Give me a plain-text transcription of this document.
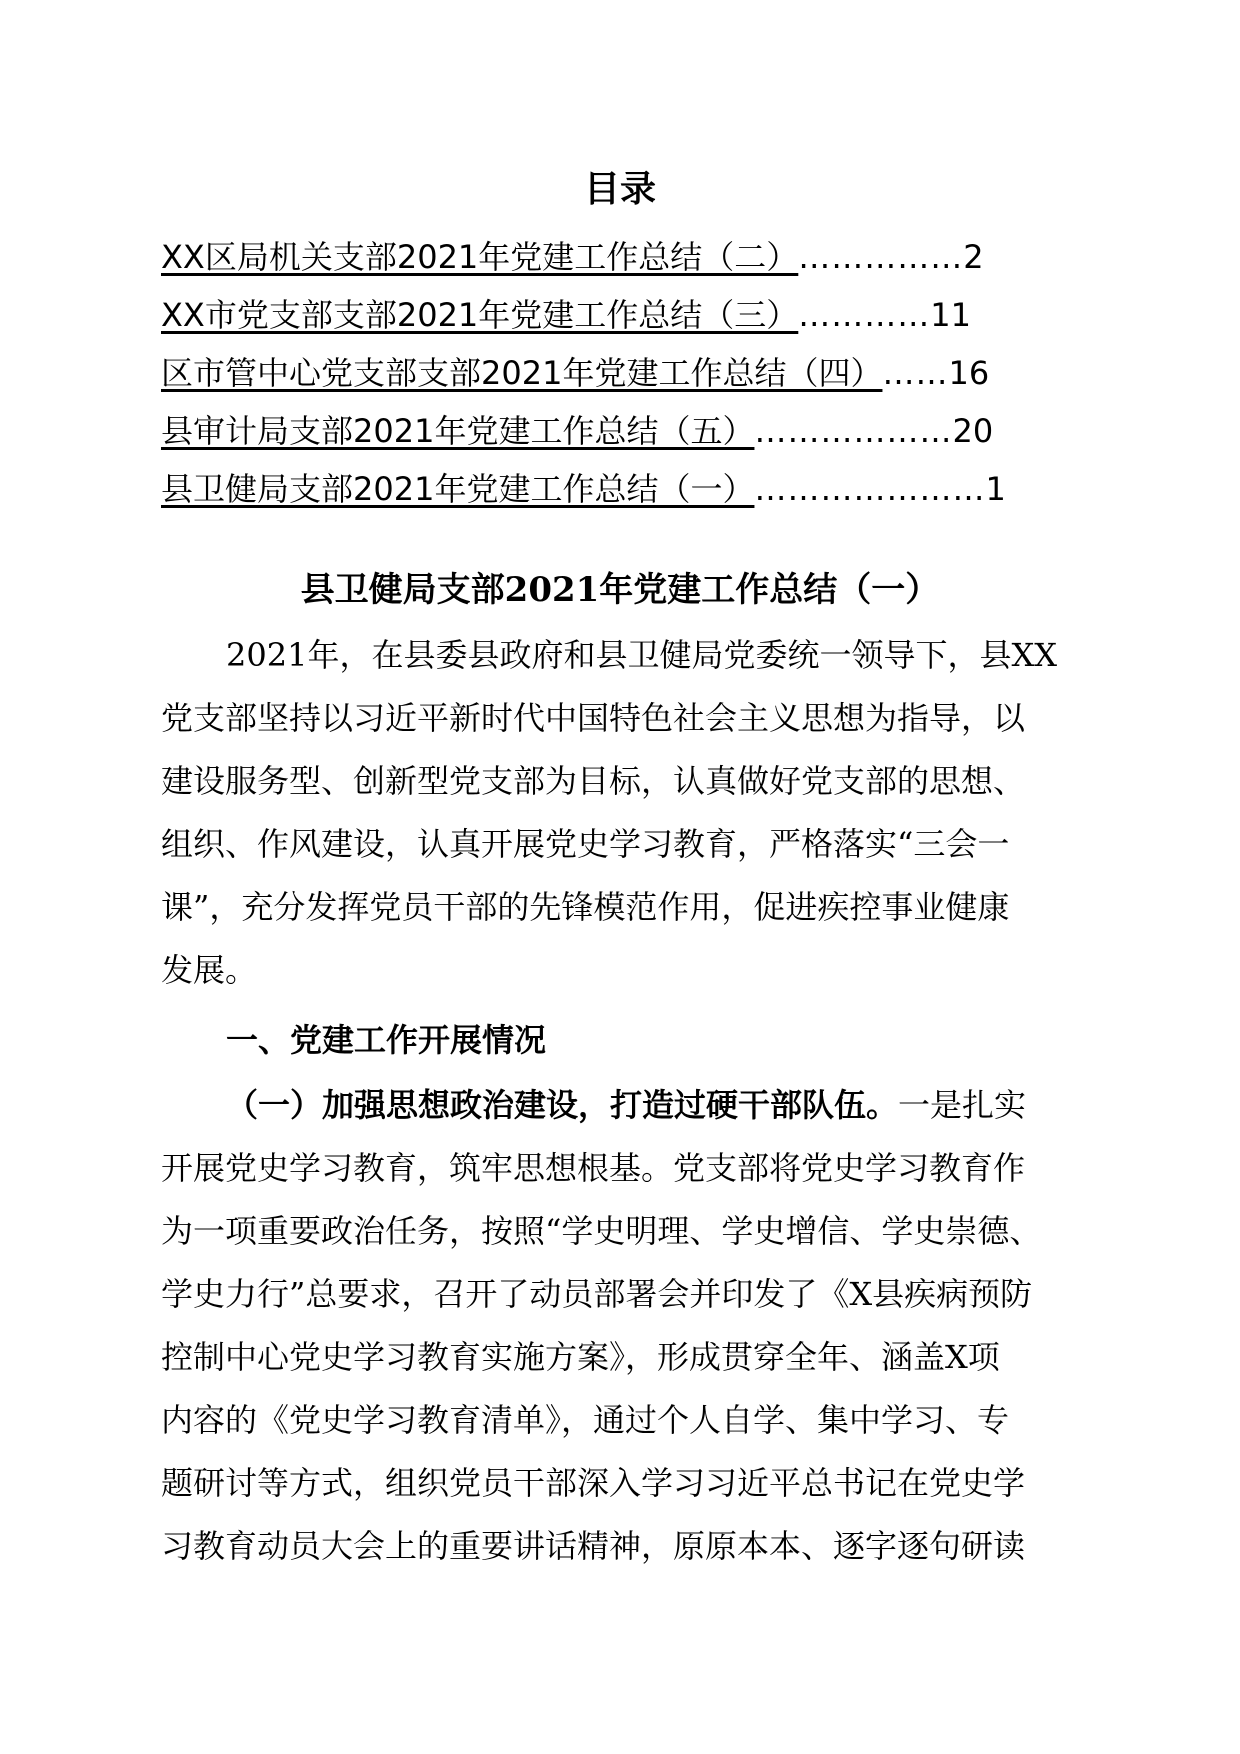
目录
XX区局机关支部2021年党建工作总结（二）……………2
XX市党支部支部2021年党建工作总结（三）…………11
区市管中心党支部支部2021年党建工作总结（四）……16
县审计局支部2021年党建工作总结（五）………………20
县卫健局支部2021年党建工作总结（一）…………………1
县卫健局支部2021年党建工作总结（一）
2021年，在县委县政府和县卫健局党委统一领导下，县XX
党支部坚持以习近平新时代中国特色社会主义思想为指导，以
建设服务型、创新型党支部为目标，认真做好党支部的思想、
组织、作风建设，认真开展党史学习教育，严格落实“三会一
课”，充分发挥党员干部的先锋模范作用，促进疾控事业健康
发展。
一、党建工作开展情况
（一）加强思想政治建设，打造过硬干部队伍。一是扎实
开展党史学习教育，筑牢思想根基。党支部将党史学习教育作
为一项重要政治任务，按照“学史明理、学史增信、学史崇德、
学史力行”总要求，召开了动员部署会并印发了《X县疾病预防
控制中心党史学习教育实施方案》，形成贯穿全年、涵盖X项
内容的《党史学习教育清单》，通过个人自学、集中学习、专
题研讨等方式，组织党员干部深入学习习近平总书记在党史学
习教育动员大会上的重要讲话精神，原原本本、逐字逐句研读
